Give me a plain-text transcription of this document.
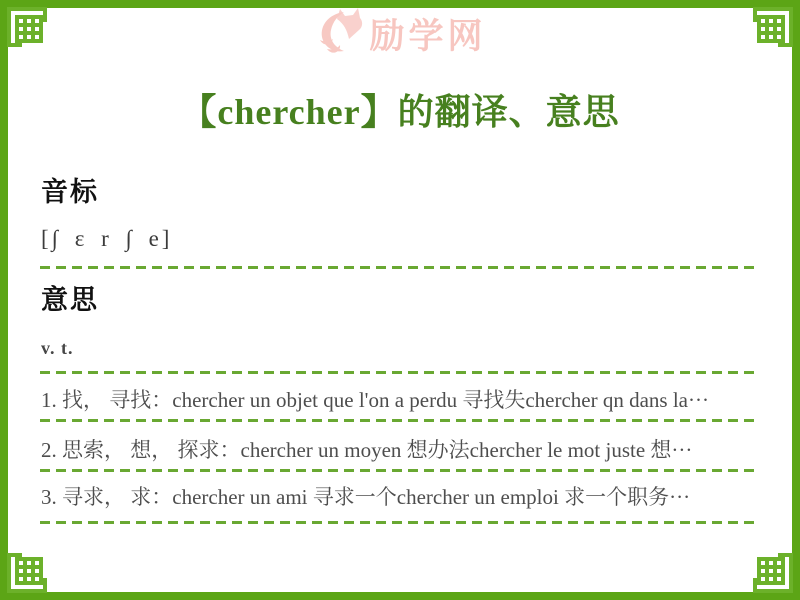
励学网
【chercher】的翻译、意思
音标
[∫ ɛ r ∫ e]
意思
v. t.
1. 找， 寻找：chercher un objet que l'on a perdu 寻找失chercher qn dans la···
2. 思索， 想， 探求：chercher un moyen 想办法chercher le mot juste 想···
3. 寻求， 求：chercher un ami 寻求一个chercher un emploi 求一个职务···
